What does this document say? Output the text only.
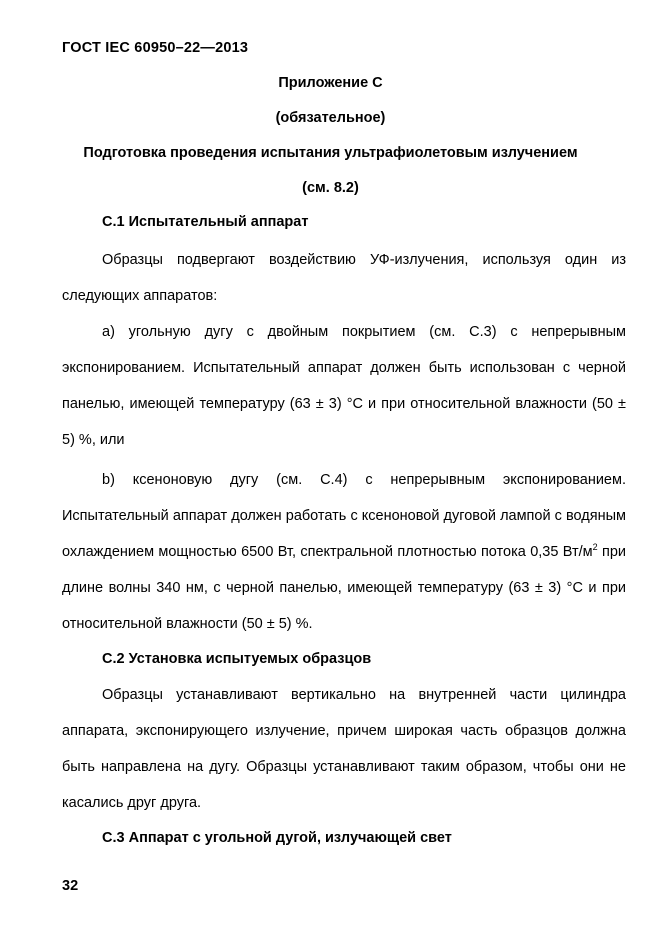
ГОСТ IEC 60950–22—2013
Приложение C
(обязательное)
Подготовка проведения испытания ультрафиолетовым излучением
(см. 8.2)
C.1 Испытательный аппарат

Образцы подвергают воздействию УФ-излучения, используя один из следующих аппаратов:

а) угольную дугу с двойным покрытием (см. C.3) с непрерывным экспонированием. Испытательный аппарат должен быть использован с черной панелью, имеющей температуру (63 ± 3) °С и при относительной влажности (50 ± 5) %, или

b) ксеноновую дугу (см. C.4) с непрерывным экспонированием. Испытательный аппарат должен работать с ксеноновой дуговой лампой с водяным охлаждением мощностью 6500 Вт, спектральной плотностью потока 0,35 $Вт/м^2$ при длине волны 340 нм, с черной панелью, имеющей температуру (63 ± 3) °С и при относительной влажности (50 ± 5) %.

C.2 Установка испытуемых образцов

Образцы устанавливают вертикально на внутренней части цилиндра аппарата, экспонирующего излучение, причем широкая часть образцов должна быть направлена на дугу. Образцы устанавливают таким образом, чтобы они не касались друг друга.

C.3 Аппарат с угольной дугой, излучающей свет
32
